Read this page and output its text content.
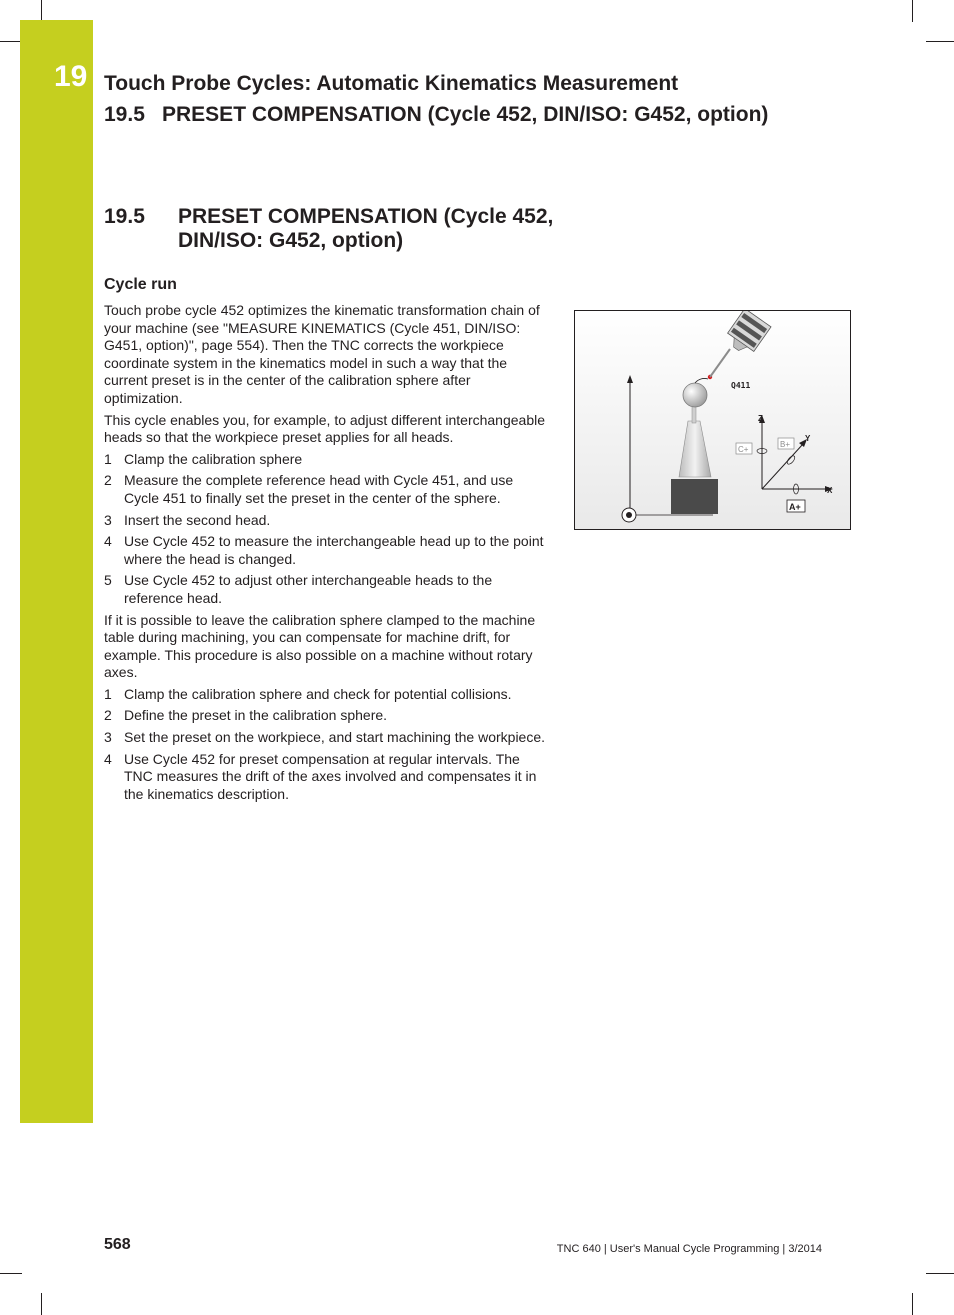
19 Touch Probe Cycles: Automatic Kinematics Measurement
19.5 PRESET COMPENSATION (Cycle 452, DIN/ISO: G452, option)
19.5 PRESET COMPENSATION (Cycle 452,
DIN/ISO: G452, option)
Cycle run

Touch probe cycle 452 optimizes the kinematic transformation chain of your machine (see "MEASURE KINEMATICS (Cycle 451, DIN/ISO: G451, option)", page 554). Then the TNC corrects the workpiece coordinate system in the kinematics model in such a way that the current preset is in the center of the calibration sphere after optimization.

This cycle enables you, for example, to adjust different interchangeable heads so that the workpiece preset applies for all heads.

1 Clamp the calibration sphere
2 Measure the complete reference head with Cycle 451, and use Cycle 451 to finally set the preset in the center of the sphere.
3 Insert the second head.
4 Use Cycle 452 to measure the interchangeable head up to the point where the head is changed.
5 Use Cycle 452 to adjust other interchangeable heads to the reference head.

If it is possible to leave the calibration sphere clamped to the machine table during machining, you can compensate for machine drift, for example. This procedure is also possible on a machine without rotary axes.

1 Clamp the calibration sphere and check for potential collisions.
2 Define the preset in the calibration sphere.
3 Set the preset on the workpiece, and start machining the workpiece.
4 Use Cycle 452 for preset compensation at regular intervals. The TNC measures the drift of the axes involved and compensates it in the kinematics description.
Q411
Z
Y
X
C+
B+
A+
568	TNC 640 | User's Manual Cycle Programming | 3/2014
